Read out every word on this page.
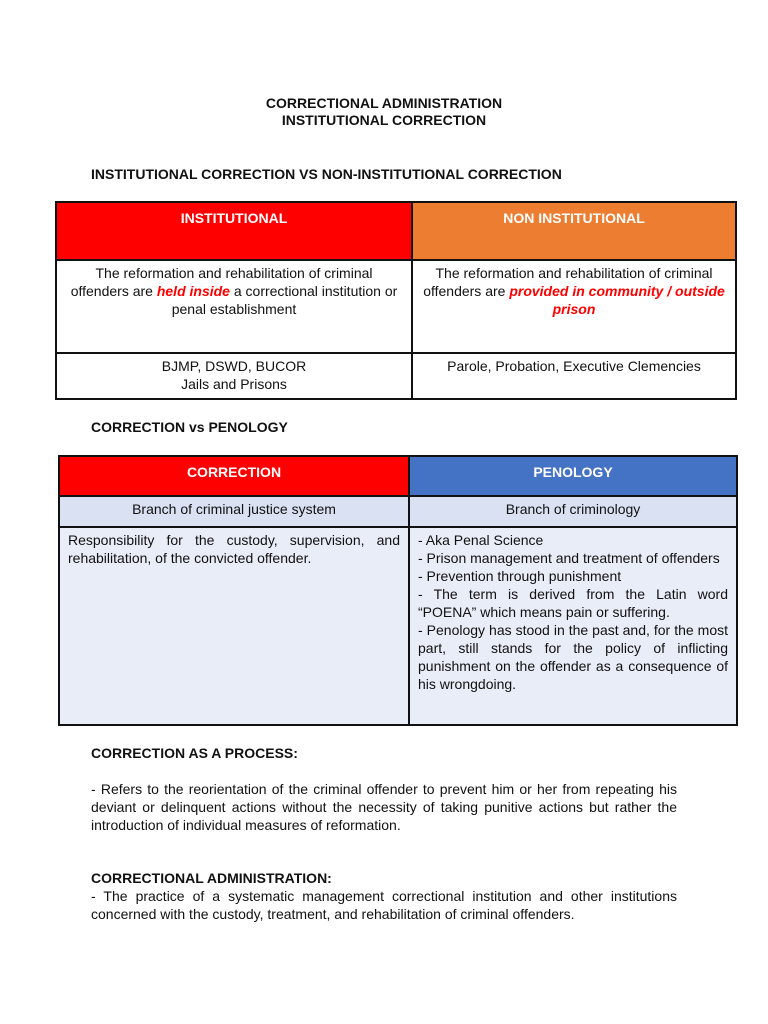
CORRECTIONAL ADMINISTRATION
INSTITUTIONAL CORRECTION
INSTITUTIONAL CORRECTION VS NON-INSTITUTIONAL CORRECTION
INSTITUTIONAL	NON INSTITUTIONAL
The reformation and rehabilitation of criminal offenders are held inside a correctional institution or penal establishment	The reformation and rehabilitation of criminal offenders are provided in community / outside prison

BJMP, DSWD, BUCOR
Jails and Prisons	Parole, Probation, Executive Clemencies
CORRECTION vs PENOLOGY
CORRECTION	PENOLOGY
Branch of criminal justice system	Branch of criminology
Responsibility for the custody, supervision, and rehabilitation, of the convicted offender.	- Aka Penal Science
- Prison management and treatment of offenders
- Prevention through punishment
- The term is derived from the Latin word “POENA” which means pain or suffering.
- Penology has stood in the past and, for the most part, still stands for the policy of inflicting punishment on the offender as a consequence of his wrongdoing.
CORRECTION AS A PROCESS:
- Refers to the reorientation of the criminal offender to prevent him or her from repeating his deviant or delinquent actions without the necessity of taking punitive actions but rather the introduction of individual measures of reformation.
CORRECTIONAL ADMINISTRATION:
- The practice of a systematic management correctional institution and other institutions concerned with the custody, treatment, and rehabilitation of criminal offenders.
